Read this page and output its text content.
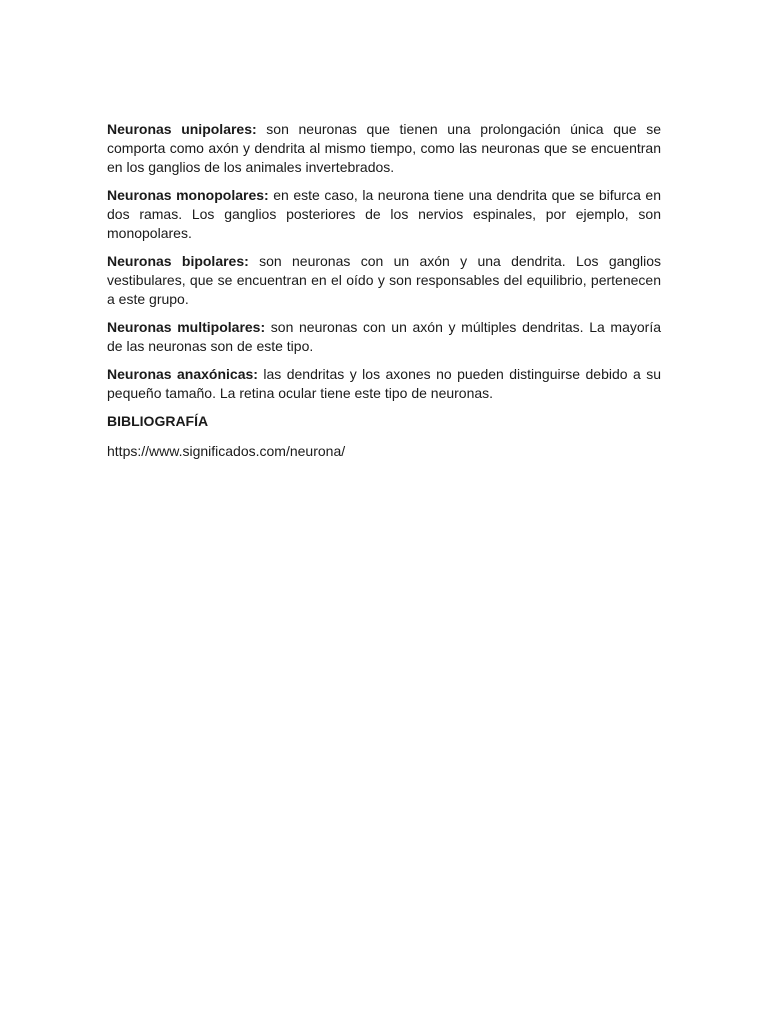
Neuronas unipolares: son neuronas que tienen una prolongación única que se comporta como axón y dendrita al mismo tiempo, como las neuronas que se encuentran en los ganglios de los animales invertebrados.

Neuronas monopolares: en este caso, la neurona tiene una dendrita que se bifurca en dos ramas. Los ganglios posteriores de los nervios espinales, por ejemplo, son monopolares.

Neuronas bipolares: son neuronas con un axón y una dendrita. Los ganglios vestibulares, que se encuentran en el oído y son responsables del equilibrio, pertenecen a este grupo.

Neuronas multipolares: son neuronas con un axón y múltiples dendritas. La mayoría de las neuronas son de este tipo.

Neuronas anaxónicas: las dendritas y los axones no pueden distinguirse debido a su pequeño tamaño. La retina ocular tiene este tipo de neuronas.

BIBLIOGRAFÍA

https://www.significados.com/neurona/
